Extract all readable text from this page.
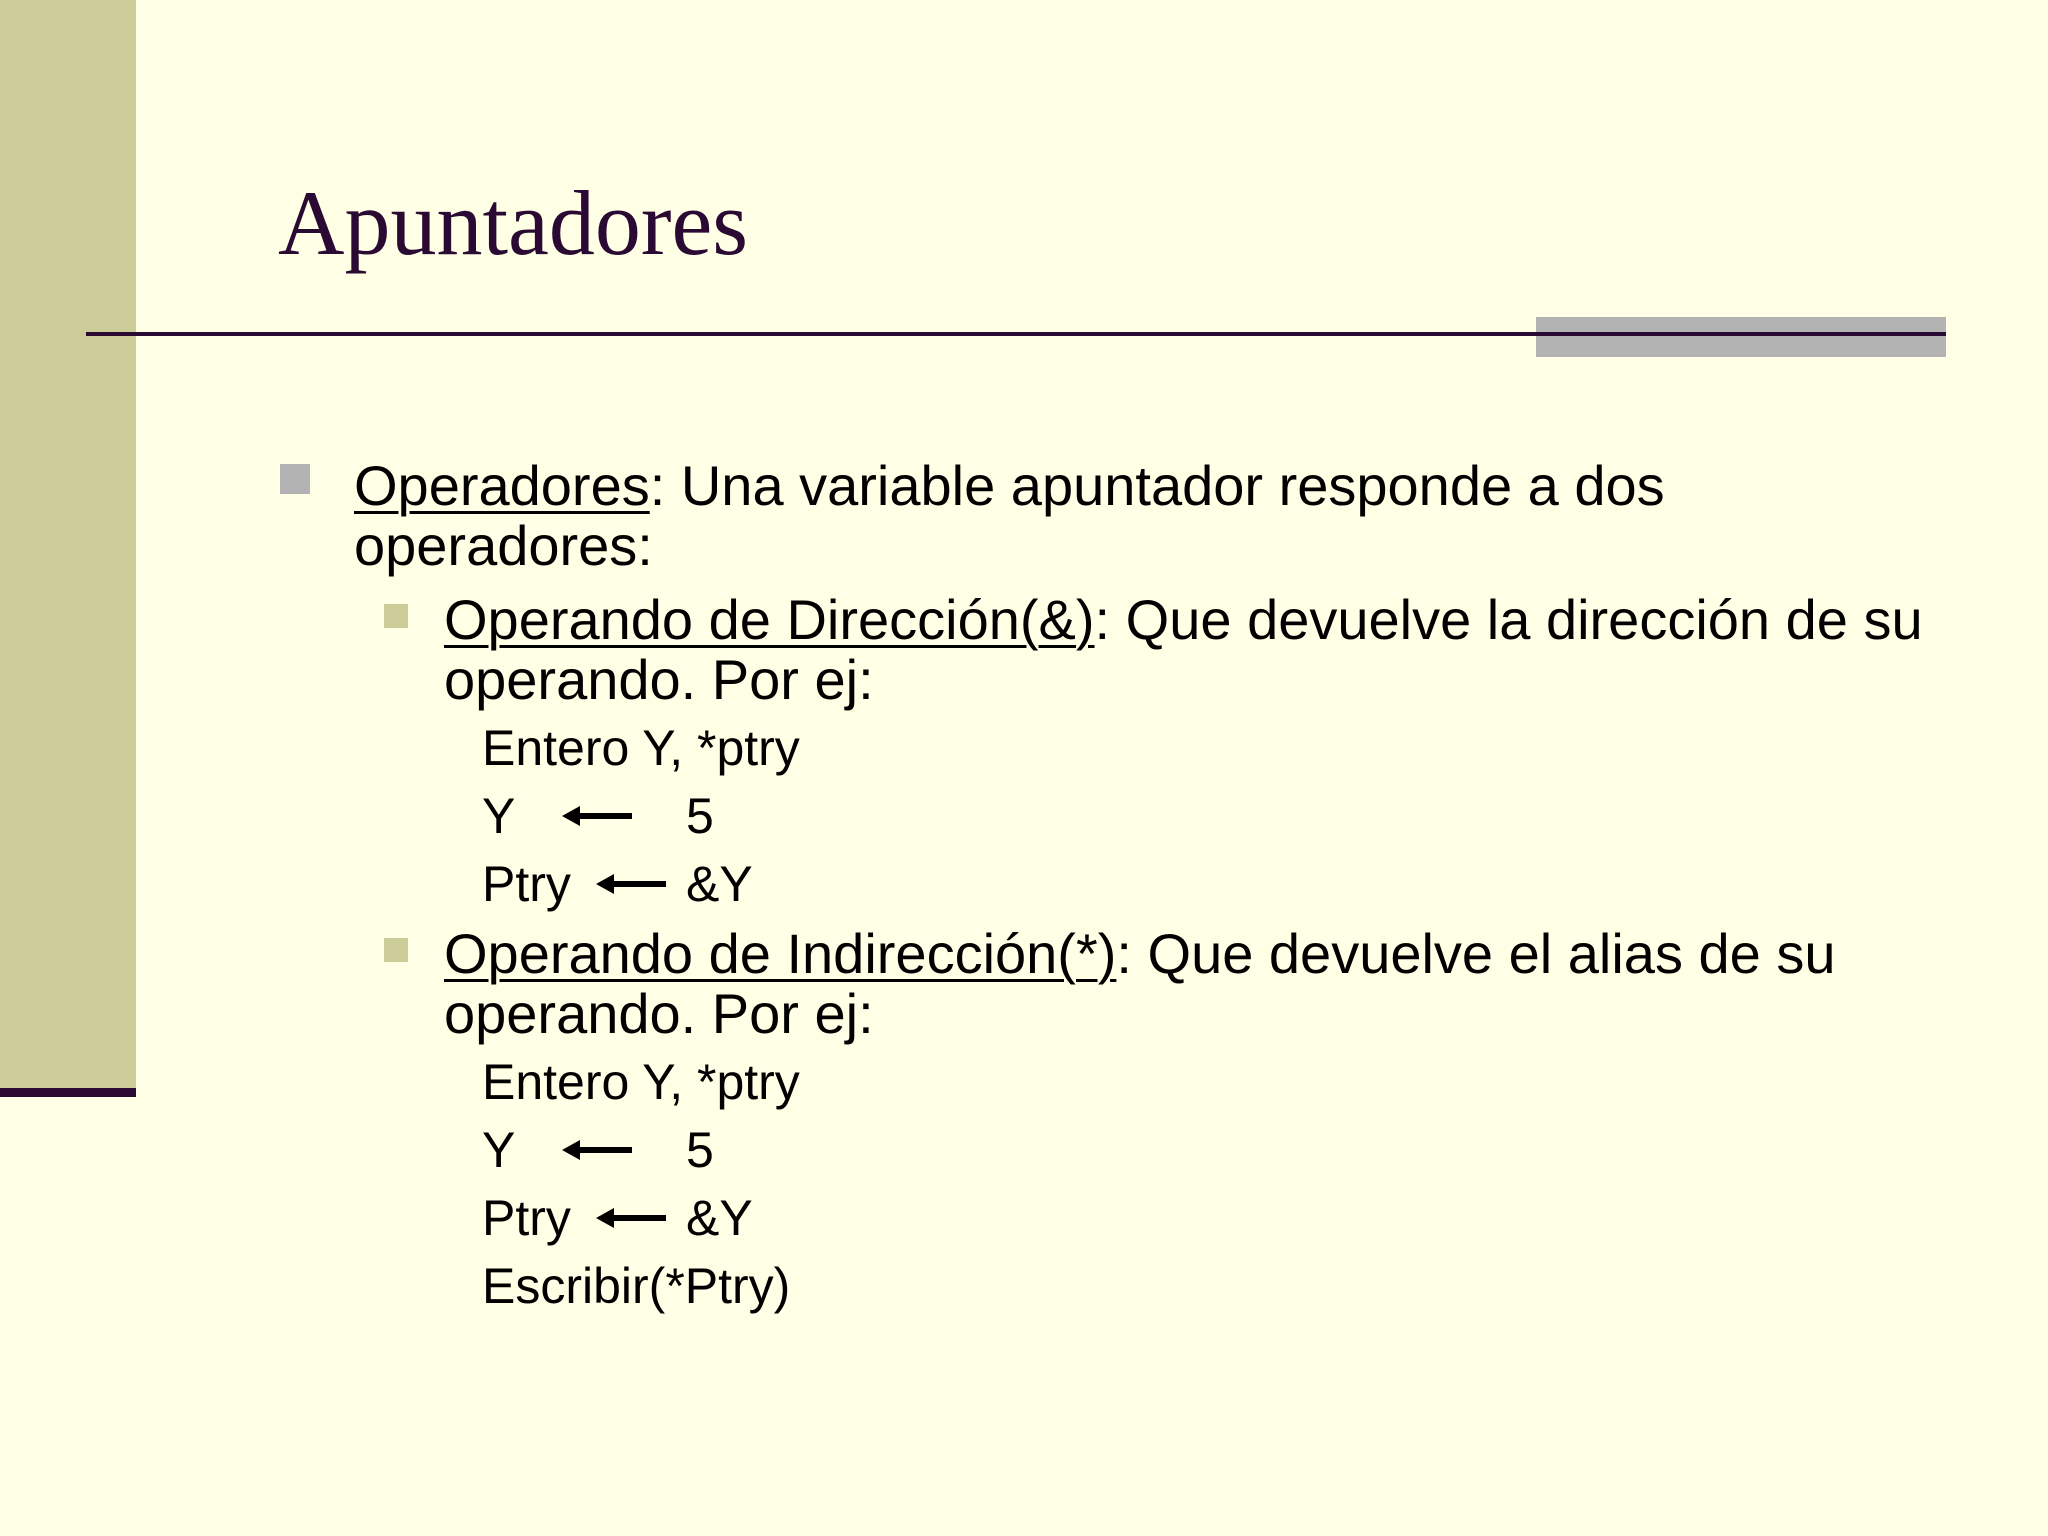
Apuntadores
Operadores: Una variable apuntador responde a dos
operadores:
Operando de Dirección(&): Que devuelve la dirección de su
operando. Por ej:
Entero Y, *ptry
Y	5
Ptry &Y
Operando de Indirección(*): Que devuelve el alias de su
operando. Por ej:
Entero Y, *ptry
Y	5
Ptry &Y
Escribir(*Ptry)
